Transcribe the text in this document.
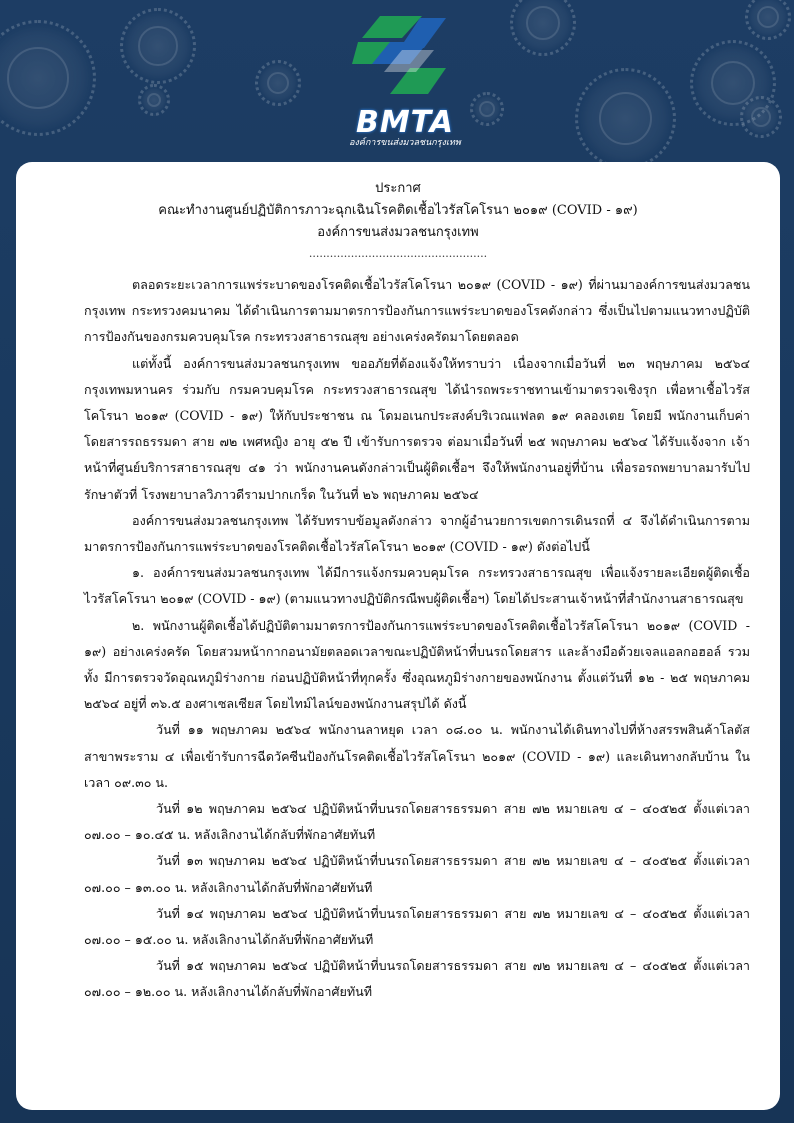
BMTA
องค์การขนส่งมวลชนกรุงเทพ
ประกาศ
คณะทำงานศูนย์ปฏิบัติการภาวะฉุกเฉินโรคติดเชื้อไวรัสโคโรนา ๒๐๑๙ (COVID - ๑๙)
องค์การขนส่งมวลชนกรุงเทพ
...................................................
ตลอดระยะเวลาการแพร่ระบาดของโรคติดเชื้อไวรัสโคโรนา ๒๐๑๙ (COVID - ๑๙) ที่ผ่านมาองค์การขนส่งมวลชนกรุงเทพ กระทรวงคมนาคม ได้ดำเนินการตามมาตรการป้องกันการแพร่ระบาดของโรคดังกล่าว ซึ่งเป็นไปตามแนวทางปฏิบัติการป้องกันของกรมควบคุมโรค กระทรวงสาธารณสุข อย่างเคร่งครัดมาโดยตลอด
แต่ทั้งนี้ องค์การขนส่งมวลชนกรุงเทพ ขออภัยที่ต้องแจ้งให้ทราบว่า เนื่องจากเมื่อวันที่ ๒๓ พฤษภาคม ๒๕๖๔ กรุงเทพมหานคร ร่วมกับ กรมควบคุมโรค กระทรวงสาธารณสุข ได้นำรถพระราชทานเข้ามาตรวจเชิงรุก เพื่อหาเชื้อไวรัสโคโรนา ๒๐๑๙ (COVID - ๑๙) ให้กับประชาชน ณ โดมอเนกประสงค์บริเวณแฟลต ๑๙ คลองเตย โดยมี พนักงานเก็บค่าโดยสารรถธรรมดา สาย ๗๒ เพศหญิง อายุ ๕๒ ปี เข้ารับการตรวจ ต่อมาเมื่อวันที่ ๒๕ พฤษภาคม ๒๕๖๔ ได้รับแจ้งจาก เจ้าหน้าที่ศูนย์บริการสาธารณสุข ๔๑ ว่า พนักงานคนดังกล่าวเป็นผู้ติดเชื้อฯ จึงให้พนักงานอยู่ที่บ้าน เพื่อรอรถพยาบาลมารับไปรักษาตัวที่ โรงพยาบาลวิภาวดีรามปากเกร็ด ในวันที่ ๒๖ พฤษภาคม ๒๕๖๔
องค์การขนส่งมวลชนกรุงเทพ ได้รับทราบข้อมูลดังกล่าว จากผู้อำนวยการเขตการเดินรถที่ ๔ จึงได้ดำเนินการตามมาตรการป้องกันการแพร่ระบาดของโรคติดเชื้อไวรัสโคโรนา ๒๐๑๙ (COVID - ๑๙) ดังต่อไปนี้
๑. องค์การขนส่งมวลชนกรุงเทพ ได้มีการแจ้งกรมควบคุมโรค กระทรวงสาธารณสุข เพื่อแจ้งรายละเอียดผู้ติดเชื้อไวรัสโคโรนา ๒๐๑๙ (COVID - ๑๙) (ตามแนวทางปฏิบัติกรณีพบผู้ติดเชื้อฯ) โดยได้ประสานเจ้าหน้าที่สำนักงานสาธารณสุข
๒. พนักงานผู้ติดเชื้อได้ปฏิบัติตามมาตรการป้องกันการแพร่ระบาดของโรคติดเชื้อไวรัสโคโรนา ๒๐๑๙ (COVID - ๑๙) อย่างเคร่งครัด โดยสวมหน้ากากอนามัยตลอดเวลาขณะปฏิบัติหน้าที่บนรถโดยสาร และล้างมือด้วยเจลแอลกอฮอล์ รวมทั้ง มีการตรวจวัดอุณหภูมิร่างกาย ก่อนปฏิบัติหน้าที่ทุกครั้ง ซึ่งอุณหภูมิร่างกายของพนักงาน ตั้งแต่วันที่ ๑๒ - ๒๕ พฤษภาคม ๒๕๖๔ อยู่ที่ ๓๖.๕ องศาเซลเซียส โดยไทม์ไลน์ของพนักงานสรุปได้ ดังนี้
วันที่ ๑๑ พฤษภาคม ๒๕๖๔ พนักงานลาหยุด เวลา ๐๘.๐๐ น. พนักงานได้เดินทางไปที่ห้างสรรพสินค้าโลตัส สาขาพระราม ๔ เพื่อเข้ารับการฉีดวัคซีนป้องกันโรคติดเชื้อไวรัสโคโรนา ๒๐๑๙ (COVID - ๑๙) และเดินทางกลับบ้าน ในเวลา ๐๙.๓๐ น.
วันที่ ๑๒ พฤษภาคม ๒๕๖๔ ปฏิบัติหน้าที่บนรถโดยสารธรรมดา สาย ๗๒ หมายเลข ๔ – ๔๐๕๒๕ ตั้งแต่เวลา ๐๗.๐๐ – ๑๐.๔๕ น. หลังเลิกงานได้กลับที่พักอาศัยทันที
วันที่ ๑๓ พฤษภาคม ๒๕๖๔ ปฏิบัติหน้าที่บนรถโดยสารธรรมดา สาย ๗๒ หมายเลข ๔ – ๔๐๕๒๕ ตั้งแต่เวลา ๐๗.๐๐ – ๑๓.๐๐ น. หลังเลิกงานได้กลับที่พักอาศัยทันที
วันที่ ๑๔ พฤษภาคม ๒๕๖๔ ปฏิบัติหน้าที่บนรถโดยสารธรรมดา สาย ๗๒ หมายเลข ๔ – ๔๐๕๒๕ ตั้งแต่เวลา ๐๗.๐๐ – ๑๕.๐๐ น. หลังเลิกงานได้กลับที่พักอาศัยทันที
วันที่ ๑๕ พฤษภาคม ๒๕๖๔ ปฏิบัติหน้าที่บนรถโดยสารธรรมดา สาย ๗๒ หมายเลข ๔ – ๔๐๕๒๕ ตั้งแต่เวลา ๐๗.๐๐ – ๑๒.๐๐ น. หลังเลิกงานได้กลับที่พักอาศัยทันที
